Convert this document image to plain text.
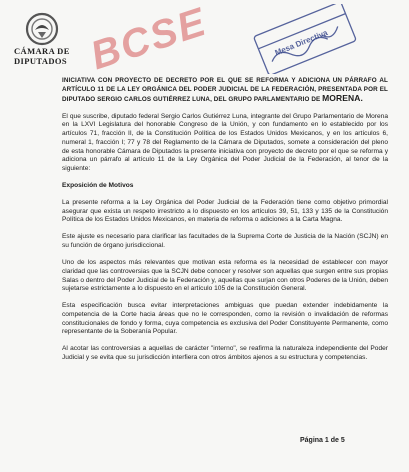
CÁMARA DE
DIPUTADOS BCSE	Mesa Directiva

INICIATIVA CON PROYECTO DE DECRETO POR EL QUE SE REFORMA Y ADICIONA UN PÁRRAFO AL ARTÍCULO 11 DE LA LEY ORGÁNICA DEL PODER JUDICIAL DE LA FEDERACIÓN, PRESENTADA POR EL DIPUTADO SERGIO CARLOS GUTIÉRREZ LUNA, DEL GRUPO PARLAMENTARIO DE MORENA.

El que suscribe, diputado federal Sergio Carlos Gutiérrez Luna, integrante del Grupo Parlamentario de Morena en la LXVI Legislatura del honorable Congreso de la Unión, y con fundamento en lo establecido por los artículos 71, fracción II, de la Constitución Política de los Estados Unidos Mexicanos, y en los artículos 6, numeral 1, fracción I; 77 y 78 del Reglamento de la Cámara de Diputados, somete a consideración del pleno de esta honorable Cámara de Diputados la presente iniciativa con proyecto de decreto por el que se reforma y adiciona un párrafo al artículo 11 de la Ley Orgánica del Poder Judicial de la Federación, al tenor de la siguiente:

Exposición de Motivos

La presente reforma a la Ley Orgánica del Poder Judicial de la Federación tiene como objetivo primordial asegurar que exista un respeto irrestricto a lo dispuesto en los artículos 39, 51, 133 y 135 de la Constitución Política de los Estados Unidos Mexicanos, en materia de reforma o adiciones a la Carta Magna.

Este ajuste es necesario para clarificar las facultades de la Suprema Corte de Justicia de la Nación (SCJN) en su función de órgano jurisdiccional.

Uno de los aspectos más relevantes que motivan esta reforma es la necesidad de establecer con mayor claridad que las controversias que la SCJN debe conocer y resolver son aquellas que surgen entre sus propias Salas o dentro del Poder Judicial de la Federación y, aquellas que surjan con otros Poderes de la Unión, deben sujetarse estrictamente a lo dispuesto en el artículo 105 de la Constitución General.

Esta especificación busca evitar interpretaciones ambiguas que puedan extender indebidamente la competencia de la Corte hacia áreas que no le corresponden, como la revisión o invalidación de reformas constitucionales de fondo y forma, cuya competencia es exclusiva del Poder Constituyente Permanente, como representante de la Soberanía Popular.

Al acotar las controversias a aquellas de carácter "interno", se reafirma la naturaleza independiente del Poder Judicial y se evita que su jurisdicción interfiera con otros ámbitos ajenos a su estructura y competencias.

Página 1 de 5
